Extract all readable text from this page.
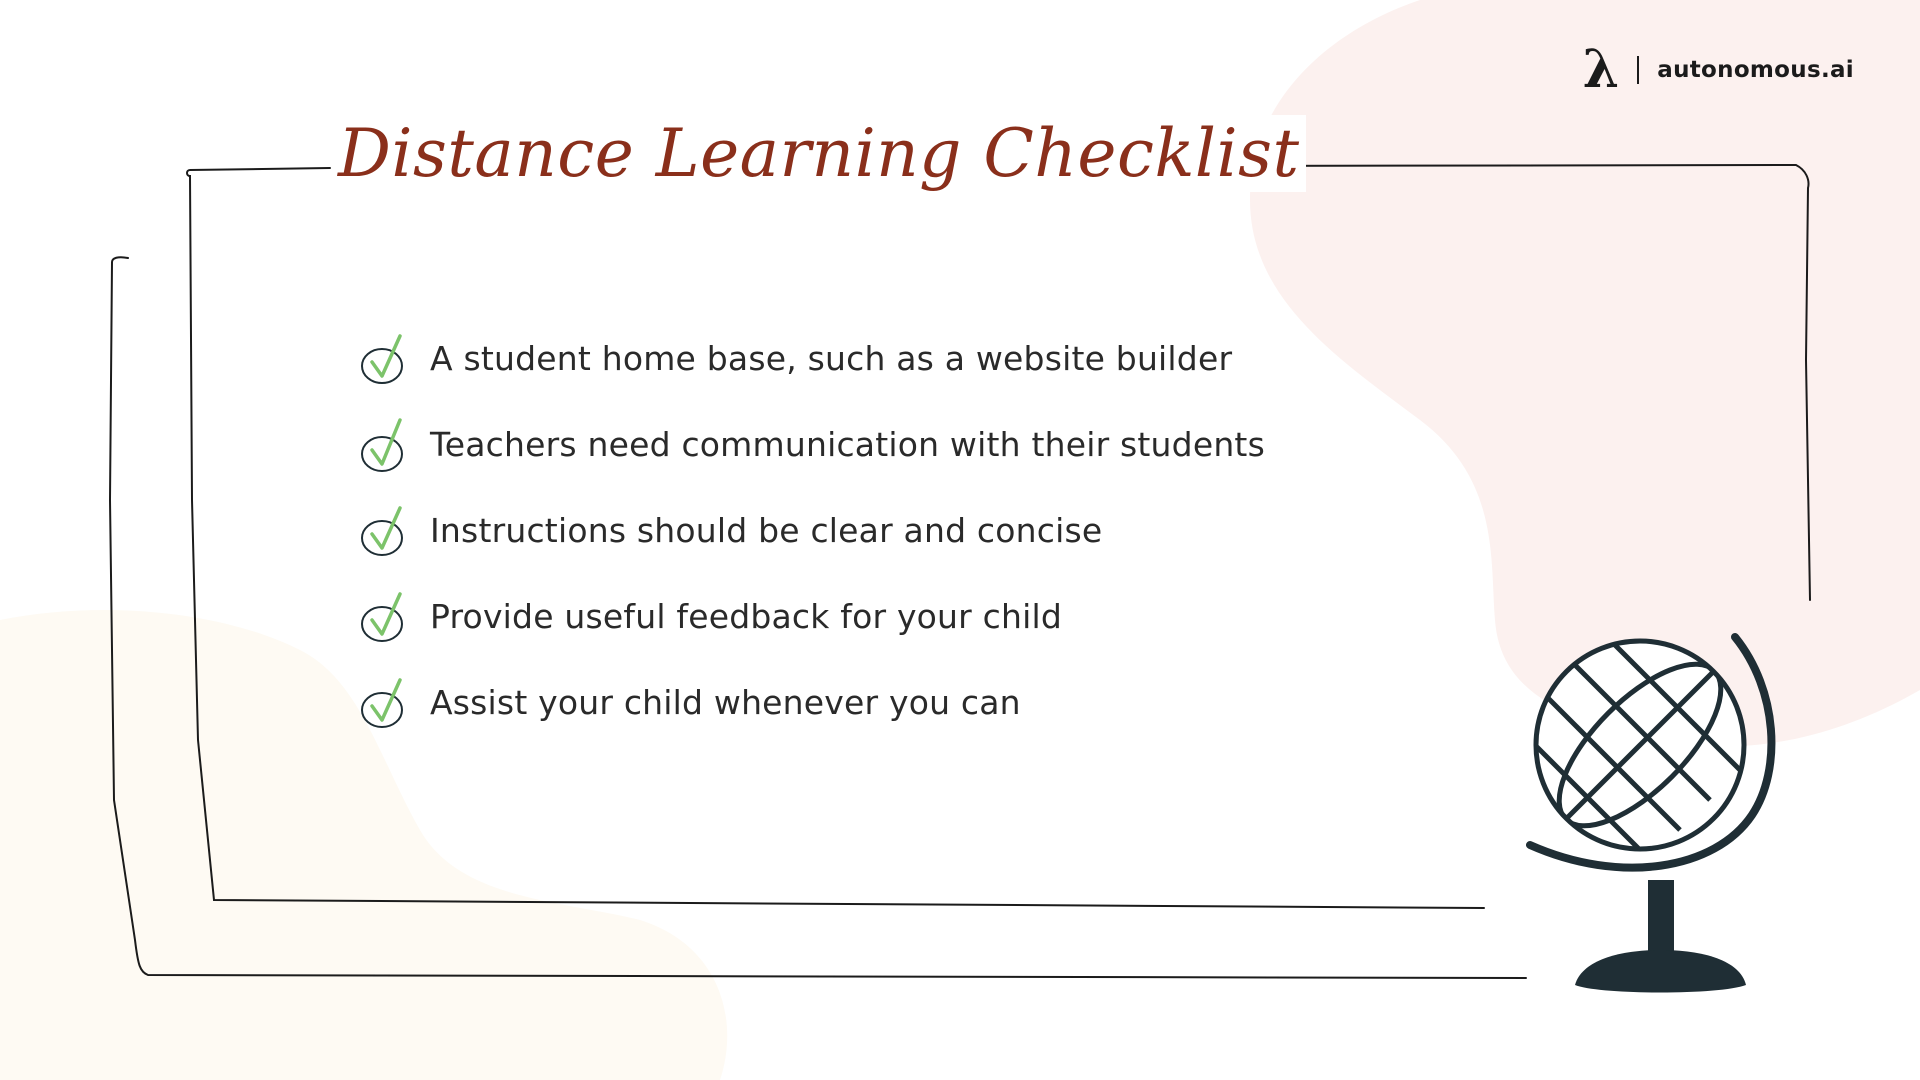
λ autonomous.ai
Distance Learning Checklist
A student home base, such as a website builder
Teachers need communication with their students
Instructions should be clear and concise
Provide useful feedback for your child
Assist your child whenever you can
